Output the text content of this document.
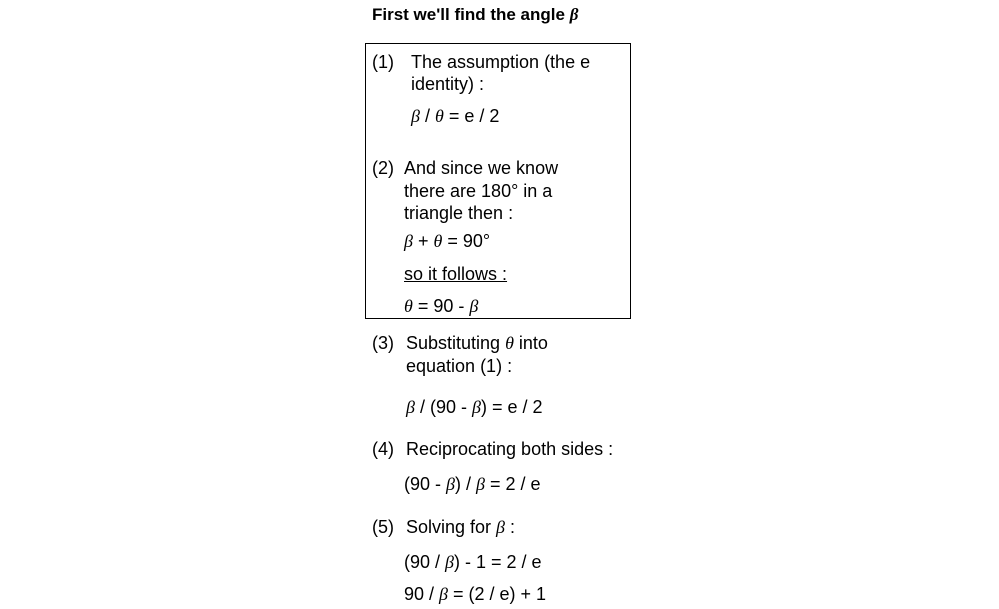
First we'll find the angle β
(1) The assumption (the e
identity) :
β / θ = e / 2
(2) And since we know
there are 180° in a
triangle then :
β + θ = 90°
so it follows :
θ = 90 - β
(3) Substituting θ into
equation (1) :
β / (90 - β) = e / 2
(4) Reciprocating both sides :
(90 - β) / β = 2 / e
(5) Solving for β :
(90 / β) - 1 = 2 / e
90 / β = (2 / e) + 1
